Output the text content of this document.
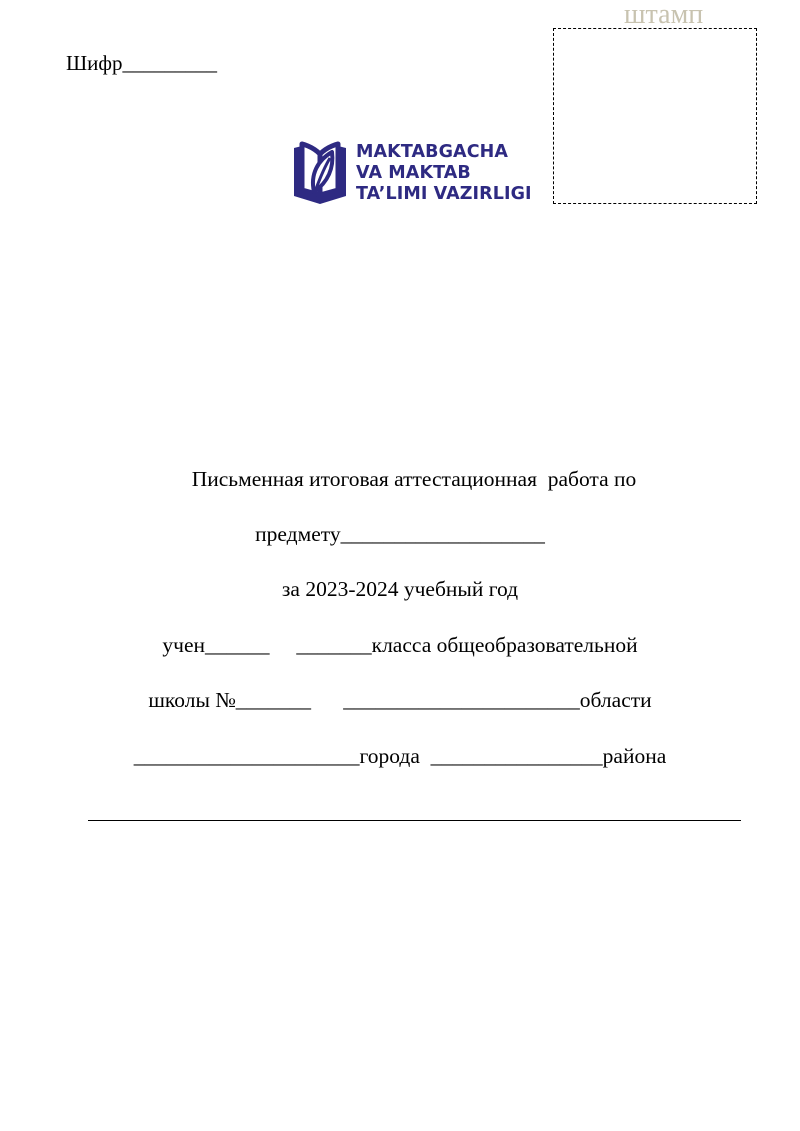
Шифр_________
штамп
MAKTABGACHA
VA MAKTAB
TA’LIMI VAZIRLIGI
Письменная итоговая аттестационная  работа по
предмету___________________
за 2023-2024 учебный год
учен______     _______класса общеобразовательной
школы №_______      ______________________области
_____________________города  ________________района
